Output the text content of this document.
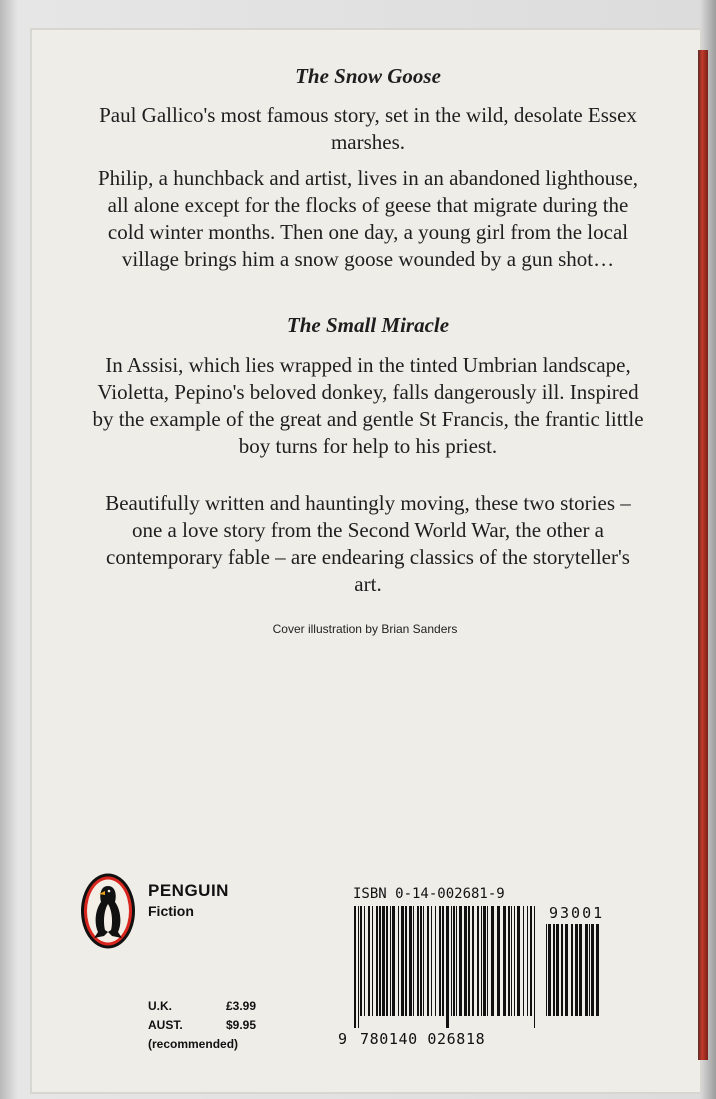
The Snow Goose

Paul Gallico's most famous story, set in the wild, desolate Essex marshes.

Philip, a hunchback and artist, lives in an abandoned lighthouse, all alone except for the flocks of geese that migrate during the cold winter months. Then one day, a young girl from the local village brings him a snow goose wounded by a gun shot…

The Small Miracle

In Assisi, which lies wrapped in the tinted Umbrian landscape, Violetta, Pepino's beloved donkey, falls dangerously ill. Inspired by the example of the great and gentle St Francis, the frantic little boy turns for help to his priest.

Beautifully written and hauntingly moving, these two stories – one a love story from the Second World War, the other a contemporary fable – are endearing classics of the storyteller's art.

Cover illustration by Brian Sanders

PENGUIN
Fiction
U.K.	£3.99
AUST.	$9.95
(recommended)
ISBN 0-14-002681-9
93001
9 780140 026818
